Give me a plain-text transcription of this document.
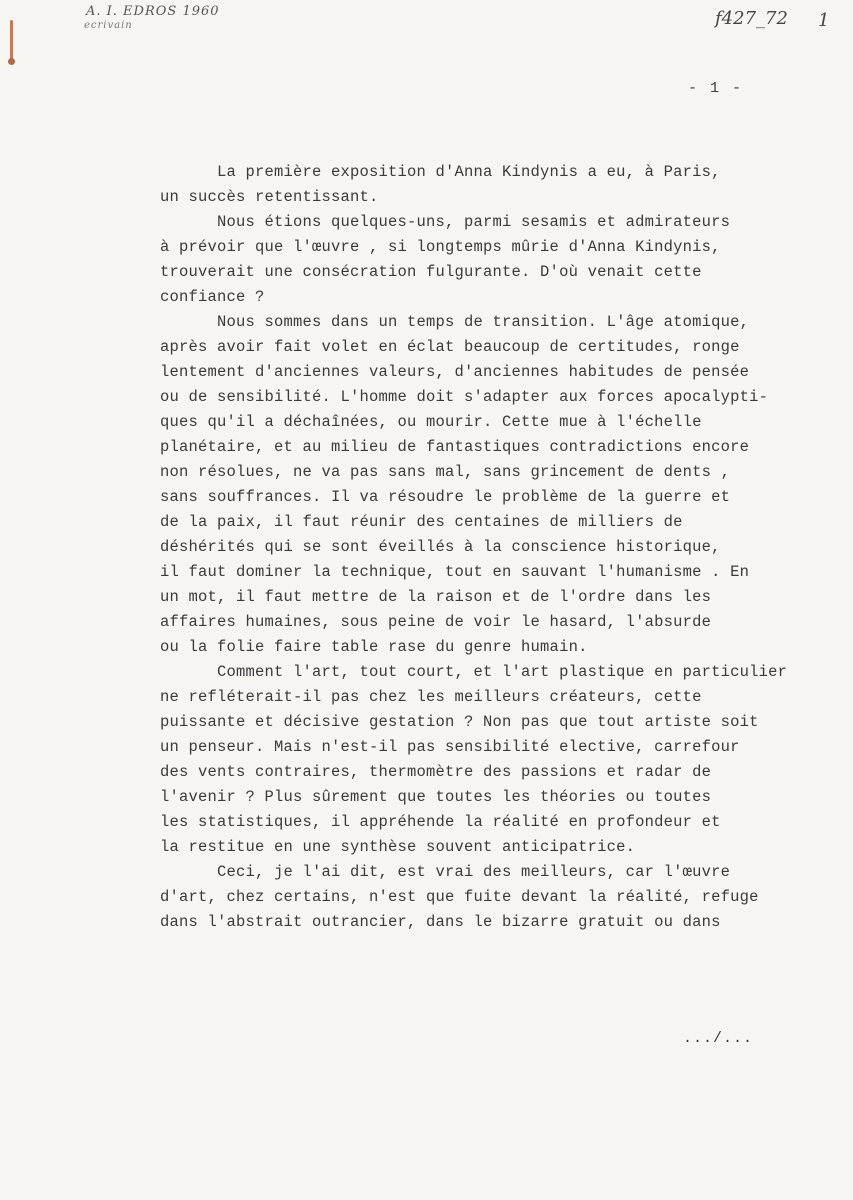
A. I. EDROS 1960
ecrivain	f427_72 1
- 1 -
La première exposition d'Anna Kindynis a eu, à Paris,
un succès retentissant.
Nous étions quelques-uns, parmi sesamis et admirateurs
à prévoir que l'œuvre , si longtemps mûrie d'Anna Kindynis,
trouverait une consécration fulgurante. D'où venait cette
confiance ?
Nous sommes dans un temps de transition. L'âge atomique,
après avoir fait volet en éclat beaucoup de certitudes, ronge
lentement d'anciennes valeurs, d'anciennes habitudes de pensée
ou de sensibilité. L'homme doit s'adapter aux forces apocalypti-
ques qu'il a déchaînées, ou mourir. Cette mue à l'échelle
planétaire, et au milieu de fantastiques contradictions encore
non résolues, ne va pas sans mal, sans grincement de dents ,
sans souffrances. Il va résoudre le problème de la guerre et
de la paix, il faut réunir des centaines de milliers de
déshérités qui se sont éveillés à la conscience historique,
il faut dominer la technique, tout en sauvant l'humanisme . En
un mot, il faut mettre de la raison et de l'ordre dans les
affaires humaines, sous peine de voir le hasard, l'absurde
ou la folie faire table rase du genre humain.
Comment l'art, tout court, et l'art plastique en particulier
ne refléterait-il pas chez les meilleurs créateurs, cette
puissante et décisive gestation ? Non pas que tout artiste soit
un penseur. Mais n'est-il pas sensibilité elective, carrefour
des vents contraires, thermomètre des passions et radar de
l'avenir ? Plus sûrement que toutes les théories ou toutes
les statistiques, il appréhende la réalité en profondeur et
la restitue en une synthèse souvent anticipatrice.
Ceci, je l'ai dit, est vrai des meilleurs, car l'œuvre
d'art, chez certains, n'est que fuite devant la réalité, refuge
dans l'abstrait outrancier, dans le bizarre gratuit ou dans
.../...
